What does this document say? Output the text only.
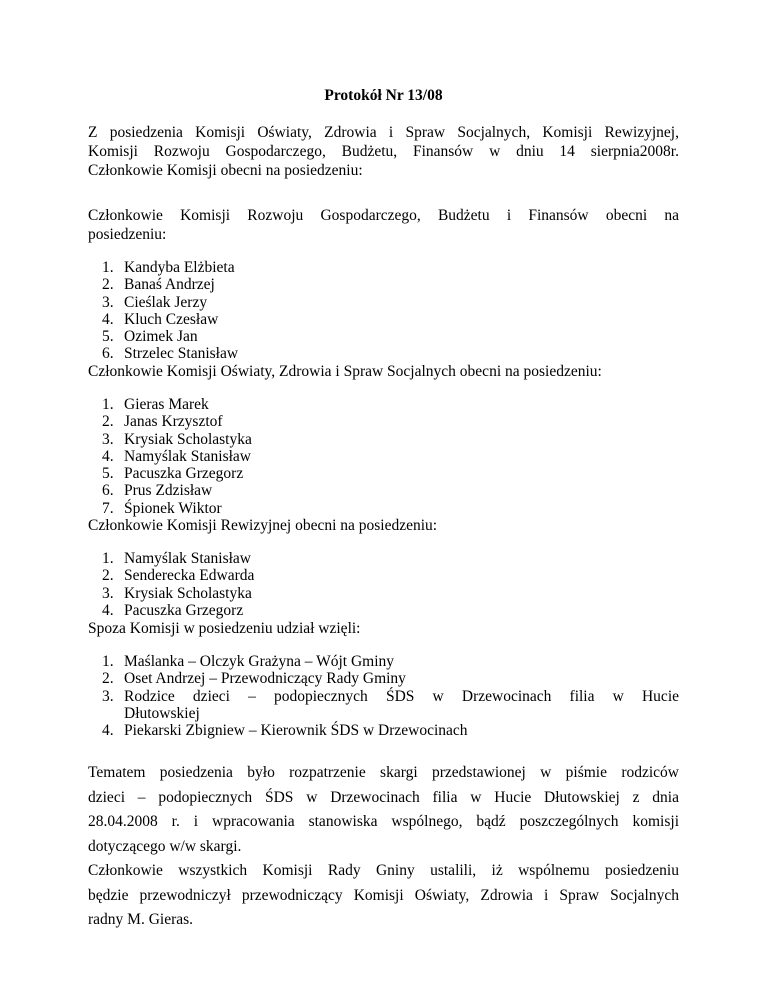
Protokół Nr 13/08
Z posiedzenia Komisji Oświaty, Zdrowia i Spraw Socjalnych, Komisji Rewizyjnej,
Komisji Rozwoju Gospodarczego, Budżetu, Finansów w dniu 14 sierpnia2008r.
Członkowie Komisji obecni na posiedzeniu:
Członkowie Komisji Rozwoju Gospodarczego, Budżetu i Finansów obecni na
posiedzeniu:
1. Kandyba Elżbieta
2. Banaś Andrzej
3. Cieślak Jerzy
4. Kluch Czesław
5. Ozimek Jan
6. Strzelec Stanisław
Członkowie Komisji Oświaty, Zdrowia i Spraw Socjalnych obecni na posiedzeniu:
1. Gieras Marek
2. Janas Krzysztof
3. Krysiak Scholastyka
4. Namyślak Stanisław
5. Pacuszka Grzegorz
6. Prus Zdzisław
7. Śpionek Wiktor
Członkowie Komisji Rewizyjnej obecni na posiedzeniu:
1. Namyślak Stanisław
2. Senderecka Edwarda
3. Krysiak Scholastyka
4. Pacuszka Grzegorz
Spoza Komisji w posiedzeniu udział wzięli:
1. Maślanka – Olczyk Grażyna – Wójt Gminy
2. Oset Andrzej – Przewodniczący Rady Gminy
3. Rodzice dzieci – podopiecznych ŚDS w Drzewocinach filia w Hucie
Dłutowskiej
4. Piekarski Zbigniew – Kierownik ŚDS w Drzewocinach
Tematem posiedzenia było rozpatrzenie skargi przedstawionej w piśmie rodziców
dzieci – podopiecznych ŚDS w Drzewocinach filia w Hucie Dłutowskiej z dnia
28.04.2008 r. i wpracowania stanowiska wspólnego, bądź poszczególnych komisji
dotyczącego w/w skargi.
Członkowie wszystkich Komisji Rady Gniny ustalili, iż wspólnemu posiedzeniu
będzie przewodniczył przewodniczący Komisji Oświaty, Zdrowia i Spraw Socjalnych
radny M. Gieras.
